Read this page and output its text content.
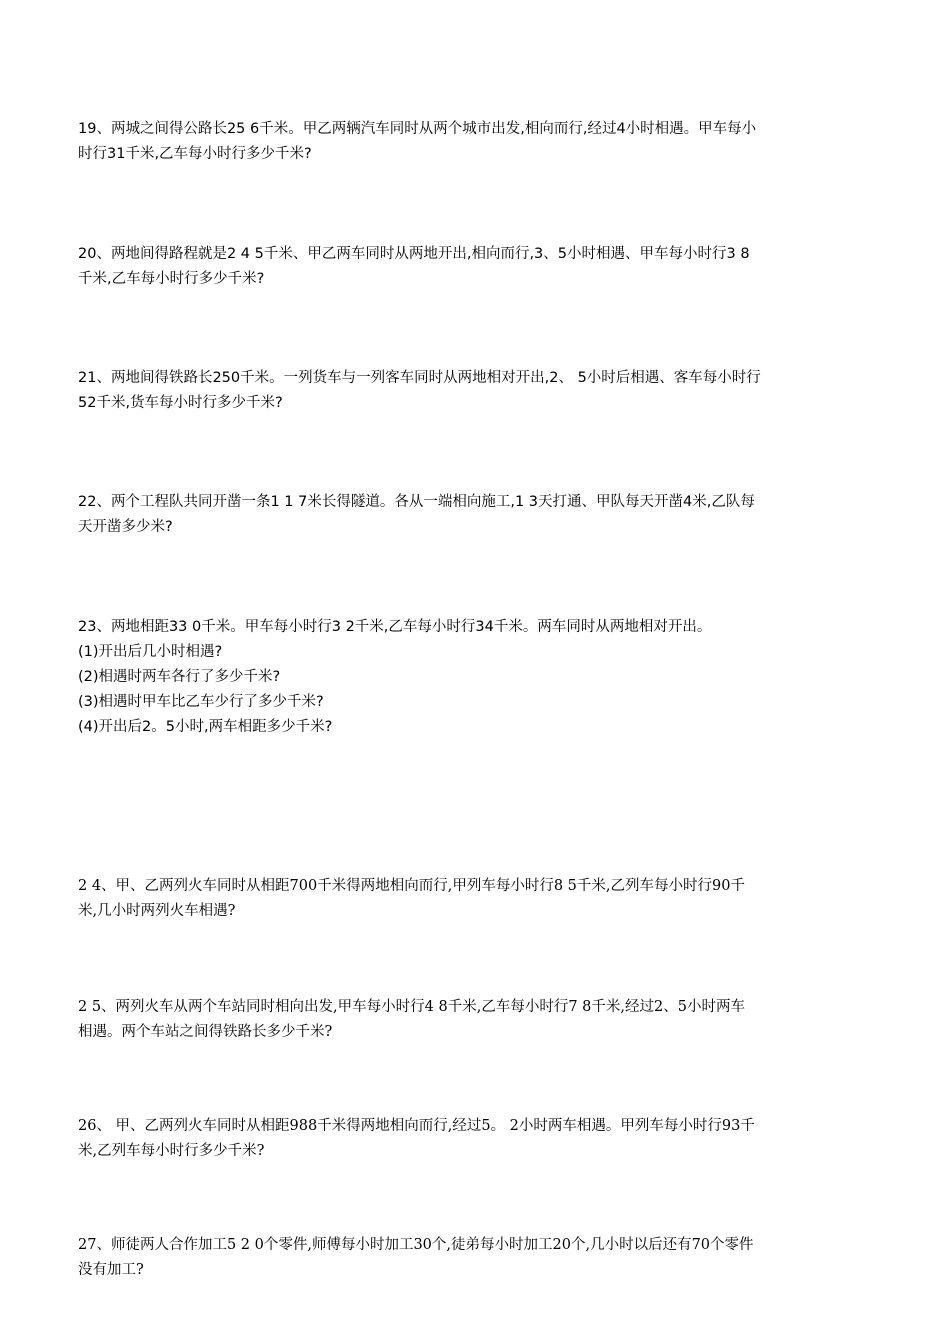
19、两城之间得公路长25 6千米。甲乙两辆汽车同时从两个城市出发,相向而行,经过4小时相遇。甲车每小
时行31千米,乙车每小时行多少千米?
20、两地间得路程就是2 4 5千米、甲乙两车同时从两地开出,相向而行,3、5小时相遇、甲车每小时行3 8
千米,乙车每小时行多少千米?
21、两地间得铁路长250千米。一列货车与一列客车同时从两地相对开出,2、 5小时后相遇、客车每小时行
52千米,货车每小时行多少千米?
22、两个工程队共同开凿一条1 1 7米长得隧道。各从一端相向施工,1 3天打通、甲队每天开凿4米,乙队每
天开凿多少米?
23、两地相距33 0千米。甲车每小时行3 2千米,乙车每小时行34千米。两车同时从两地相对开出。
(1)开出后几小时相遇?
(2)相遇时两车各行了多少千米?
(3)相遇时甲车比乙车少行了多少千米?
(4)开出后2。5小时,两车相距多少千米?
2 4、甲、乙两列火车同时从相距700千米得两地相向而行,甲列车每小时行8 5千米,乙列车每小时行90千
米,几小时两列火车相遇?
2 5、两列火车从两个车站同时相向出发,甲车每小时行4 8千米,乙车每小时行7 8千米,经过2、5小时两车
相遇。两个车站之间得铁路长多少千米?
26、 甲、乙两列火车同时从相距988千米得两地相向而行,经过5。 2小时两车相遇。甲列车每小时行93千
米,乙列车每小时行多少千米?
27、师徒两人合作加工5 2 0个零件,师傅每小时加工30个,徒弟每小时加工20个,几小时以后还有70个零件
没有加工?
